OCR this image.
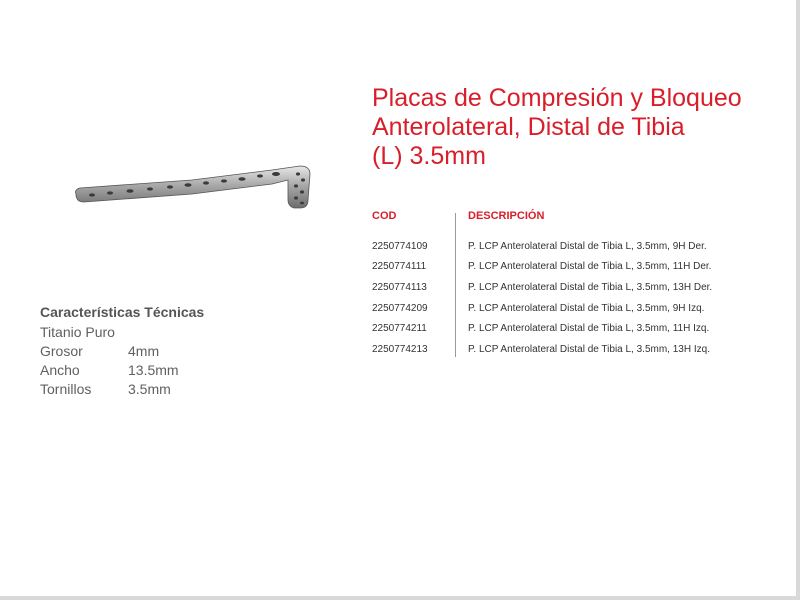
Placas de Compresión y Bloqueo
Anterolateral, Distal de Tibia
(L) 3.5mm
COD	DESCRIPCIÓN
2250774109	P. LCP Anterolateral Distal de Tibia L, 3.5mm, 9H Der.
2250774111	P. LCP Anterolateral Distal de Tibia L, 3.5mm, 11H Der.
2250774113	P. LCP Anterolateral Distal de Tibia L, 3.5mm, 13H Der.
2250774209	P. LCP Anterolateral Distal de Tibia L, 3.5mm, 9H Izq.
2250774211	P. LCP Anterolateral Distal de Tibia L, 3.5mm, 11H Izq.
2250774213	P. LCP Anterolateral Distal de Tibia L, 3.5mm, 13H Izq.
Características Técnicas
Titanio Puro
Grosor	4mm
Ancho	13.5mm
Tornillos	3.5mm
